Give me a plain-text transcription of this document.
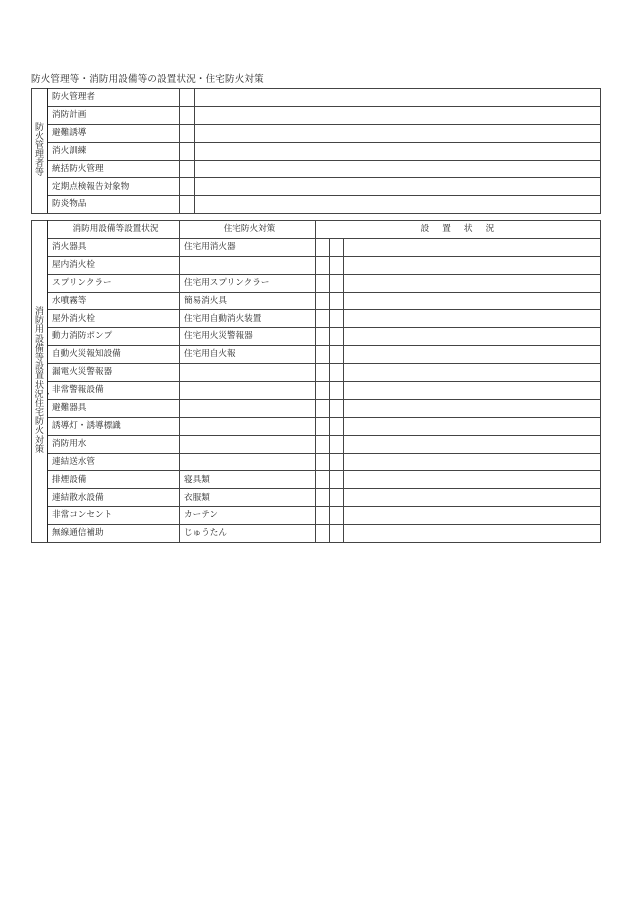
防火管理等・消防用設備等の設置状況・住宅防火対策
防火管理者等	防火管理者		
	消防計画		
	避難誘導		
	消火訓練		
	統括防火管理		
	定期点検報告対象物		
	防炎物品		
消防用設備等設置状況・住宅防火対策	消防用設備等設置状況	住宅防火対策	設 置 状 況		
	消火器具	住宅用消火器			
	屋内消火栓				
	スプリンクラー	住宅用スプリンクラー			
	水噴霧等	簡易消火具			
	屋外消火栓	住宅用自動消火装置			
	動力消防ポンプ	住宅用火災警報器			
	自動火災報知設備	住宅用自火報			
	漏電火災警報器				
	非常警報設備				
	避難器具				
	誘導灯・誘導標識				
	消防用水				
	連結送水管				
	排煙設備	寝具類			
	連結散水設備	衣服類			
	非常コンセント	カーテン			
	無線通信補助	じゅうたん			
